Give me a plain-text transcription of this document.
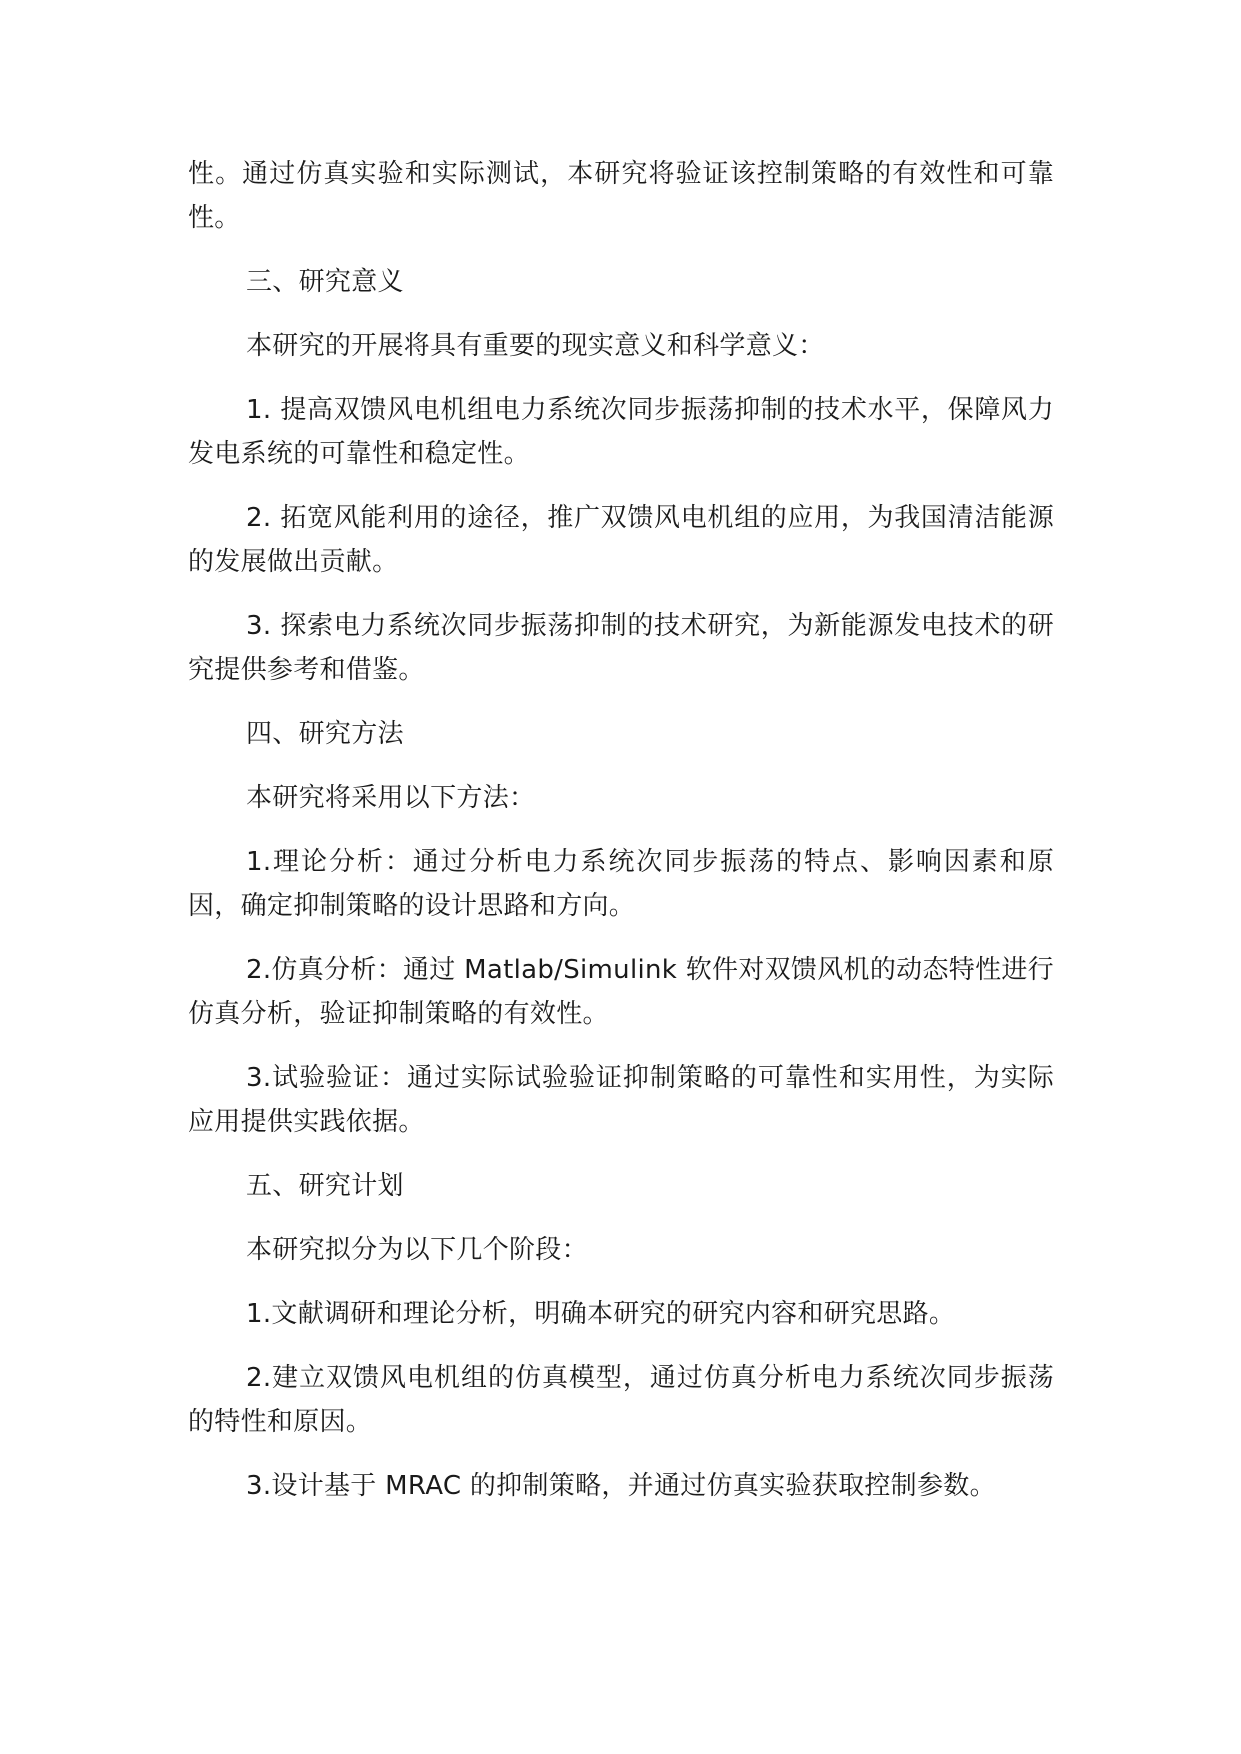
性。通过仿真实验和实际测试，本研究将验证该控制策略的有效性和可靠性。

三、研究意义

本研究的开展将具有重要的现实意义和科学意义：

1. 提高双馈风电机组电力系统次同步振荡抑制的技术水平，保障风力发电系统的可靠性和稳定性。

2. 拓宽风能利用的途径，推广双馈风电机组的应用，为我国清洁能源的发展做出贡献。

3. 探索电力系统次同步振荡抑制的技术研究，为新能源发电技术的研究提供参考和借鉴。

四、研究方法

本研究将采用以下方法：

1.理论分析：通过分析电力系统次同步振荡的特点、影响因素和原因，确定抑制策略的设计思路和方向。

2.仿真分析：通过 Matlab/Simulink 软件对双馈风机的动态特性进行仿真分析，验证抑制策略的有效性。

3.试验验证：通过实际试验验证抑制策略的可靠性和实用性，为实际应用提供实践依据。

五、研究计划

本研究拟分为以下几个阶段：

1.文献调研和理论分析，明确本研究的研究内容和研究思路。

2.建立双馈风电机组的仿真模型，通过仿真分析电力系统次同步振荡的特性和原因。

3.设计基于 MRAC 的抑制策略，并通过仿真实验获取控制参数。
